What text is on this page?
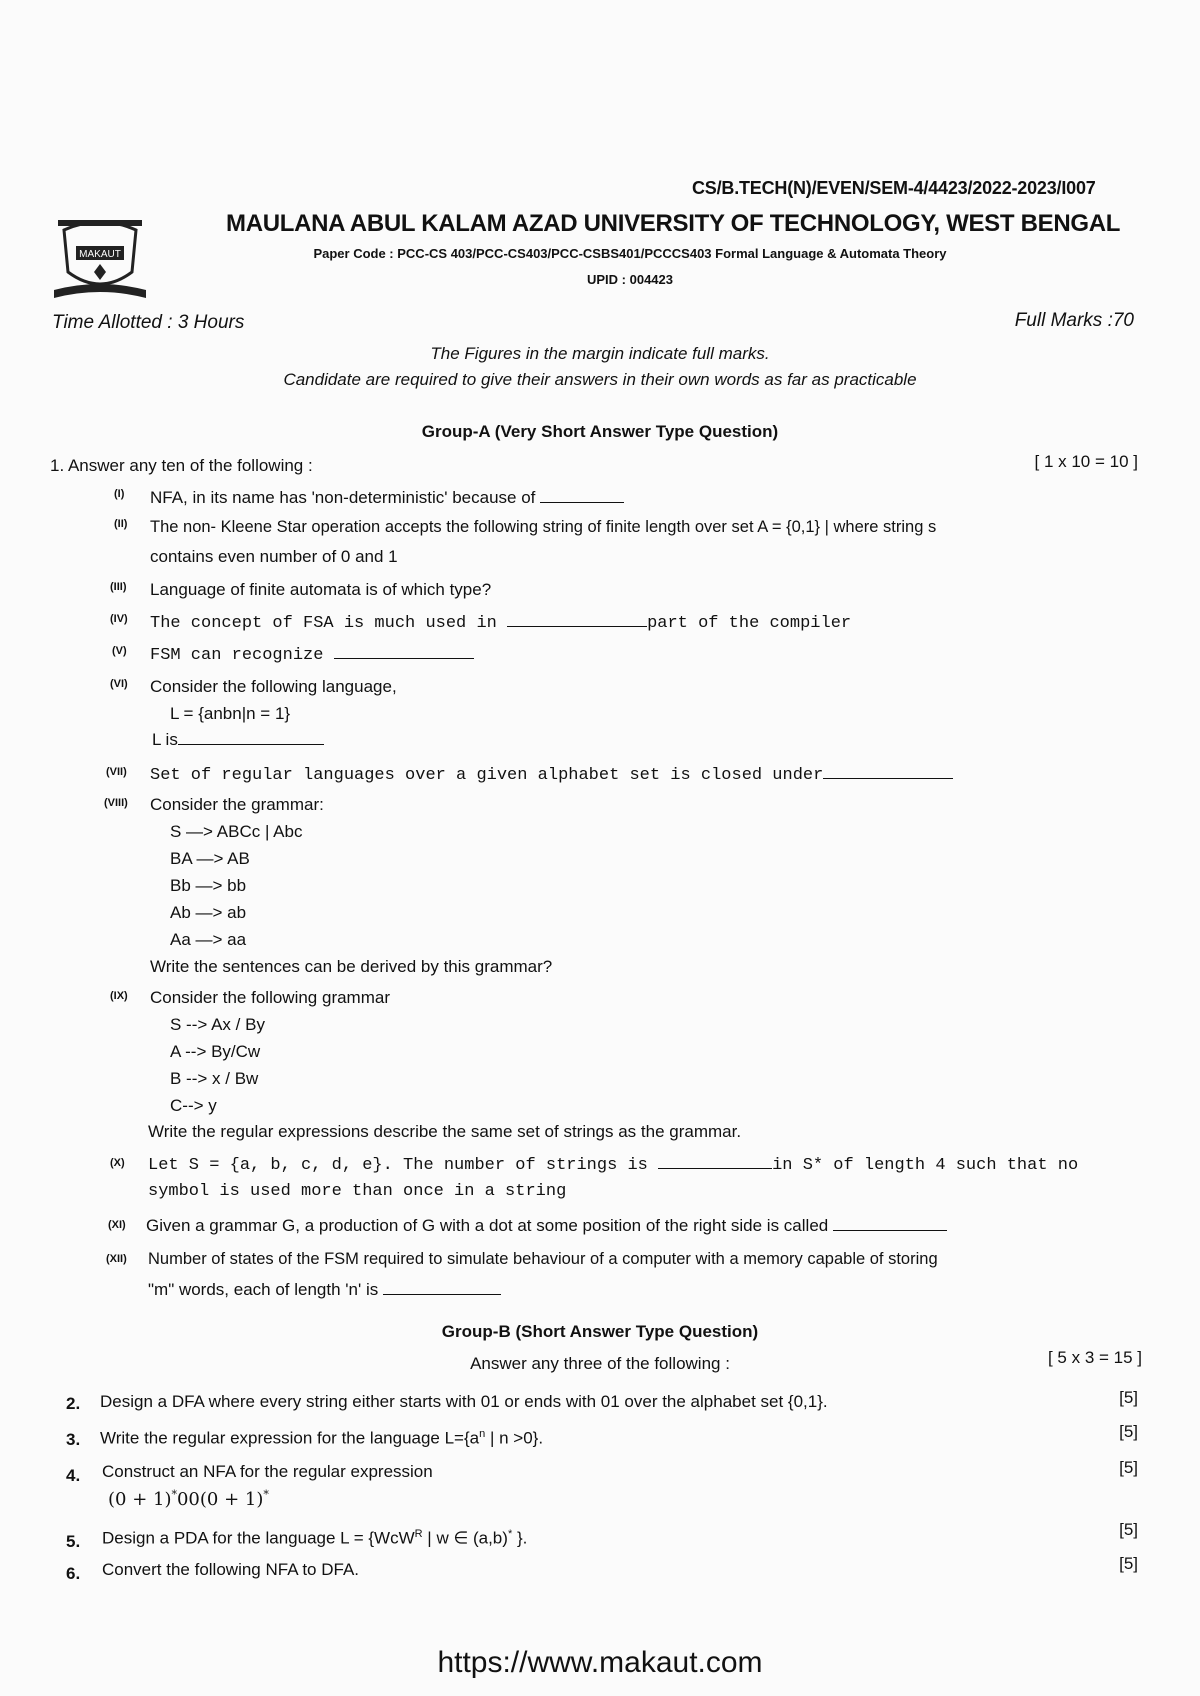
MAKAUT
CS/B.TECH(N)/EVEN/SEM-4/4423/2022-2023/I007
MAULANA ABUL KALAM AZAD UNIVERSITY OF TECHNOLOGY, WEST BENGAL
Paper Code : PCC-CS 403/PCC-CS403/PCC-CSBS401/PCCCS403 Formal Language & Automata Theory
UPID : 004423
Time Allotted : 3 Hours	Full Marks :70
The Figures in the margin indicate full marks.
Candidate are required to give their answers in their own words as far as practicable
Group-A (Very Short Answer Type Question)
1. Answer any ten of the following :	[ 1 x 10 = 10 ]
(I) NFA, in its name has 'non-deterministic' because of
(II) The non- Kleene Star operation accepts the following string of finite length over set A = {0,1} | where string s
contains even number of 0 and 1
(III) Language of finite automata is of which type?
(IV) The concept of FSA is much used in	part of the compiler
(V) FSM can recognize
(VI) Consider the following language,
L = {anbn|n = 1}
L is
(VII) Set of regular languages over a given alphabet set is closed under
(VIII) Consider the grammar:
S —> ABCc | Abc
BA —> AB
Bb —> bb
Ab —> ab
Aa —> aa
Write the sentences can be derived by this grammar?
(IX) Consider the following grammar
S --> Ax / By
A --> By/Cw
B --> x / Bw
C--> y
Write the regular expressions describe the same set of strings as the grammar.
(X) Let S = {a, b, c, d, e}. The number of strings is	in S* of length 4 such that no
symbol is used more than once in a string
(XI) Given a grammar G, a production of G with a dot at some position of the right side is called
(XII) Number of states of the FSM required to simulate behaviour of a computer with a memory capable of storing
"m" words, each of length 'n' is
Group-B (Short Answer Type Question)
Answer any three of the following :	[ 5 x 3 = 15 ]
2. Design a DFA where every string either starts with 01 or ends with 01 over the alphabet set {0,1}.	[5]
3. Write the regular expression for the language $L=\{a^n$ | n >0}.	[5]
4. Construct an NFA for the regular expression
(0 + 1)*00(0 + 1)*
[5]
5. Design a PDA for the language L = {WcW$^R$ | w ∈ (a,b)* }.	[5]
6. Convert the following NFA to DFA.	[5]
https://www.makaut.com
